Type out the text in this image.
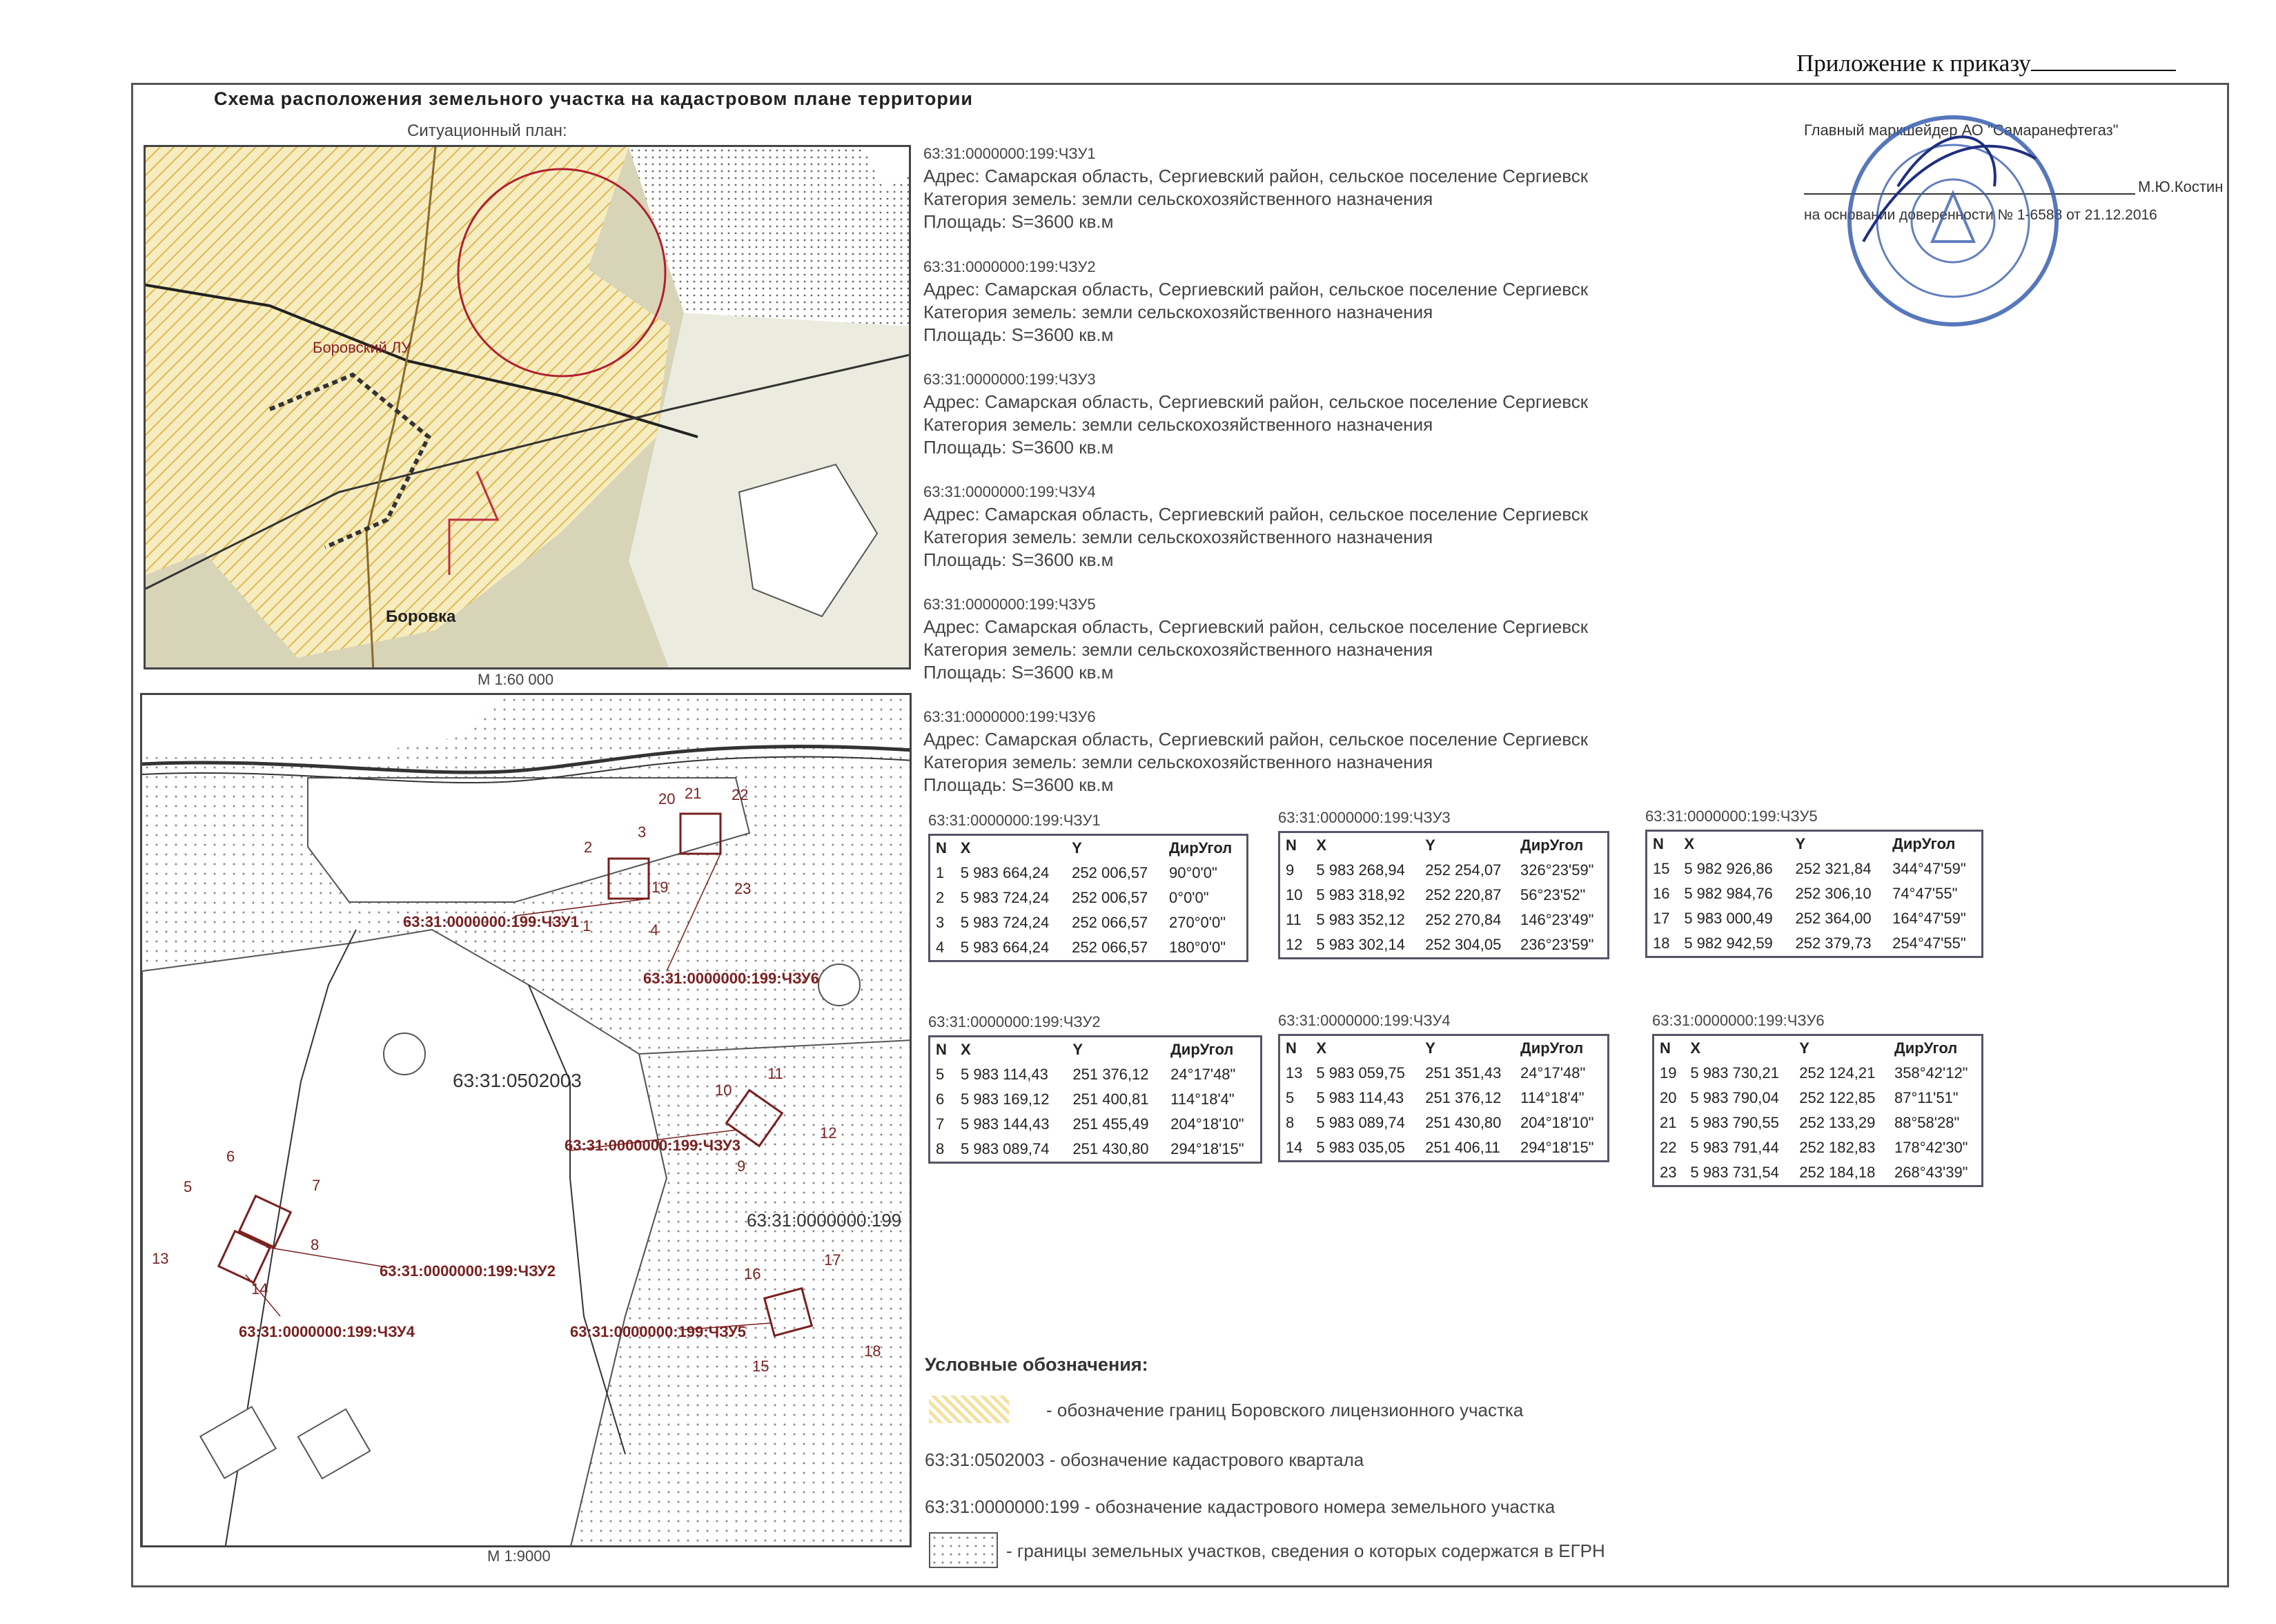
Приложение к приказу
Схема расположения земельного участка на кадастровом плане территории
Ситуационный план:
Боровский ЛУ
Боровка
М 1:60 000
63:31:0000000:199:ЧЗУ1
63:31:0000000:199:ЧЗУ6
63:31:0000000:199:ЧЗУ3
63:31:0000000:199:ЧЗУ2
63:31:0000000:199:ЧЗУ4	63:31:0000000:199:ЧЗУ5
63:31:0502003
63:31:0000000:199
2
3
19
1	4
20 21 22
23
11
10
12
9
6
5	7
8
13
14
17
16
15
18
М 1:9000
Главный маркшейдер АО "Самаранефтегаз"
М.Ю.Костин
на основании доверенности № 1-6588 от 21.12.2016
63:31:0000000:199:ЧЗУ1
Адрес: Самарская область, Сергиевский район, сельское поселение Сергиевск
Категория земель: земли сельскохозяйственного назначения
Площадь: S=3600 кв.м
63:31:0000000:199:ЧЗУ2
Адрес: Самарская область, Сергиевский район, сельское поселение Сергиевск
Категория земель: земли сельскохозяйственного назначения
Площадь: S=3600 кв.м
63:31:0000000:199:ЧЗУ3
Адрес: Самарская область, Сергиевский район, сельское поселение Сергиевск
Категория земель: земли сельскохозяйственного назначения
Площадь: S=3600 кв.м
63:31:0000000:199:ЧЗУ4
Адрес: Самарская область, Сергиевский район, сельское поселение Сергиевск
Категория земель: земли сельскохозяйственного назначения
Площадь: S=3600 кв.м
63:31:0000000:199:ЧЗУ5
Адрес: Самарская область, Сергиевский район, сельское поселение Сергиевск
Категория земель: земли сельскохозяйственного назначения
Площадь: S=3600 кв.м
63:31:0000000:199:ЧЗУ6
Адрес: Самарская область, Сергиевский район, сельское поселение Сергиевск
Категория земель: земли сельскохозяйственного назначения
Площадь: S=3600 кв.м
63:31:0000000:199:ЧЗУ1
N	X	Y	ДирУгол
1	5 983 664,24	252 006,57	90°0'0"
2	5 983 724,24	252 006,57	0°0'0"
3	5 983 724,24	252 066,57	270°0'0"
4	5 983 664,24	252 066,57	180°0'0"
63:31:0000000:199:ЧЗУ3
N	X	Y	ДирУгол
9	5 983 268,94	252 254,07	326°23'59"
10	5 983 318,92	252 220,87	56°23'52"
11	5 983 352,12	252 270,84	146°23'49"
12	5 983 302,14	252 304,05	236°23'59"
63:31:0000000:199:ЧЗУ5
N	X	Y	ДирУгол
15	5 982 926,86	252 321,84	344°47'59"
16	5 982 984,76	252 306,10	74°47'55"
17	5 983 000,49	252 364,00	164°47'59"
18	5 982 942,59	252 379,73	254°47'55"
63:31:0000000:199:ЧЗУ2
N	X	Y	ДирУгол
5	5 983 114,43	251 376,12	24°17'48"
6	5 983 169,12	251 400,81	114°18'4"
7	5 983 144,43	251 455,49	204°18'10"
8	5 983 089,74	251 430,80	294°18'15"
63:31:0000000:199:ЧЗУ4
N	X	Y	ДирУгол
13	5 983 059,75	251 351,43	24°17'48"
5	5 983 114,43	251 376,12	114°18'4"
8	5 983 089,74	251 430,80	204°18'10"
14	5 983 035,05	251 406,11	294°18'15"
63:31:0000000:199:ЧЗУ6
N	X	Y	ДирУгол
19	5 983 730,21	252 124,21	358°42'12"
20	5 983 790,04	252 122,85	87°11'51"
21	5 983 790,55	252 133,29	88°58'28"
22	5 983 791,44	252 182,83	178°42'30"
23	5 983 731,54	252 184,18	268°43'39"
Условные обозначения:
- обозначение границ Боровского лицензионного участка
63:31:0502003 - обозначение кадастрового квартала
63:31:0000000:199 - обозначение кадастрового номера земельного участка
- границы земельных участков, сведения о которых содержатся в ЕГРН
